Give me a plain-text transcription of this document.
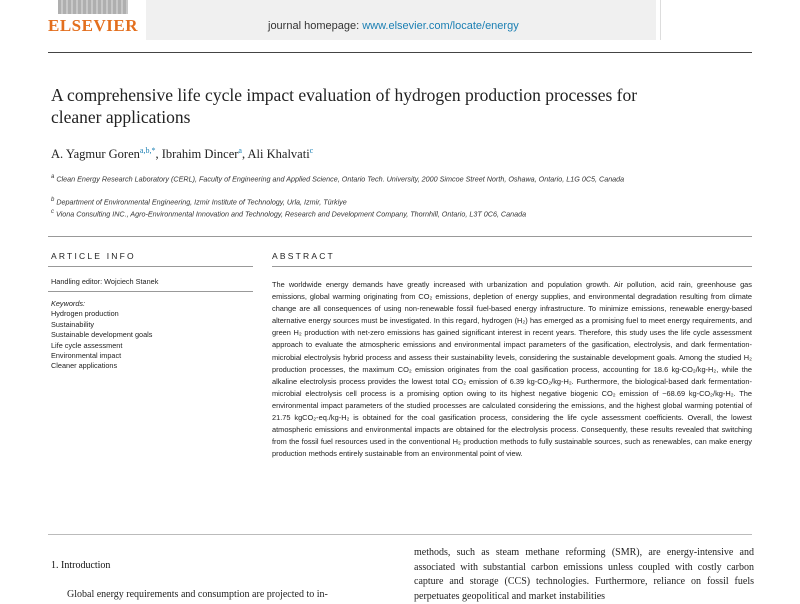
ELSEVIER	journal homepage: www.elsevier.com/locate/energy
A comprehensive life cycle impact evaluation of hydrogen production processes for cleaner applications
A. Yagmur Goren$^{a,b,*}$, Ibrahim Dincer$^a$, Ali Khalvati$^c$
$^a$ Clean Energy Research Laboratory (CERL), Faculty of Engineering and Applied Science, Ontario Tech. University, 2000 Simcoe Street North, Oshawa, Ontario, L1G 0C5, Canada
$^b$ Department of Environmental Engineering, Izmir Institute of Technology, Urla, Izmir, Türkiye
$^c$ Viona Consulting INC., Agro-Environmental Innovation and Technology, Research and Development Company, Thornhill, Ontario, L3T 0C6, Canada
ARTICLE INFO
Handling editor: Wojciech Stanek
Keywords:
Hydrogen production
Sustainability
Sustainable development goals
Life cycle assessment
Environmental impact
Cleaner applications
ABSTRACT
The worldwide energy demands have greatly increased with urbanization and population growth. Air pollution, acid rain, greenhouse gas emissions, global warming originating from CO₂ emissions, depletion of energy supplies, and environmental degradation resulting from climate change are all consequences of using non-renewable fossil fuel-based energy infrastructure. To minimize emissions, renewable energy-based alternative energy sources must be investigated. In this regard, hydrogen (H₂) has emerged as a promising fuel to meet energy requirements, and green H₂ production with net-zero emissions has gained significant interest in recent years. Therefore, this study uses the life cycle assessment approach to evaluate the atmospheric emissions and environmental impact parameters of the gasification, electrolysis, and dark fermentation-microbial electrolysis hybrid process and assess their sustainability levels, considering the sustainable development goals. Among the studied H₂ production processes, the maximum CO₂ emission originates from the coal gasification process, accounting for 18.6 kg-CO₂/kg-H₂, while the alkaline electrolysis process provides the lowest total CO₂ emission of 6.39 kg-CO₂/kg-H₂. Furthermore, the biological-based dark fermentation-microbial electrolysis cell process is a promising option owing to its highest negative biogenic CO₂ emission of −68.69 kg-CO₂/kg-H₂. The environmental impact parameters of the studied processes are calculated considering the emissions, and the highest global warming potential of 21.75 kgCO₂-eq./kg-H₂ is obtained for the coal gasification process, considering the life cycle assessment coefficients. Overall, the lowest atmospheric emissions and environmental impacts are obtained for the electrolysis process. Consequently, these results revealed that switching from the fossil fuel resources used in the conventional H₂ production methods to fully sustainable sources, such as renewables, can make energy production methods entirely sustainable from an environmental point of view.
1. Introduction
Global energy requirements and consumption are projected to in-
methods, such as steam methane reforming (SMR), are energy-intensive and associated with substantial carbon emissions unless coupled with costly carbon capture and storage (CCS) technologies. Furthermore, reliance on fossil fuels perpetuates geopolitical and market instabilities
